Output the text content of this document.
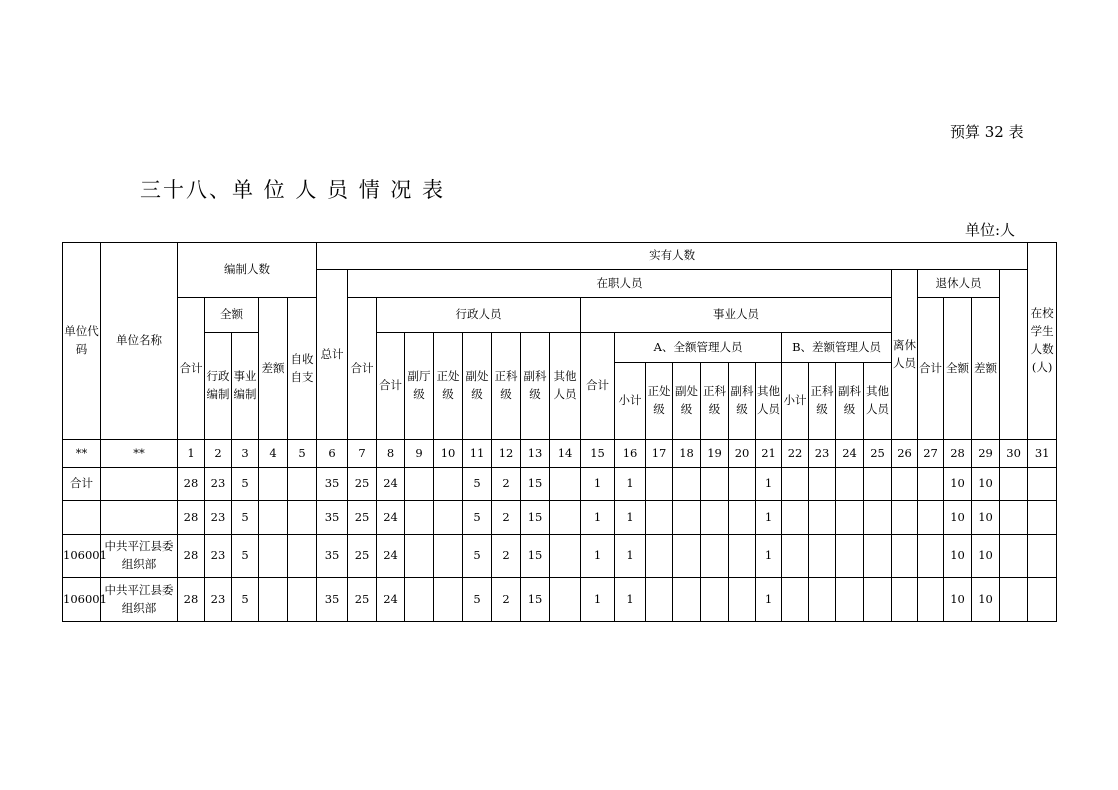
预算 32 表
三十八、单 位 人 员 情 况 表
单位:人
单位代码	单位名称	编制人数					实有人数																									在校学生人数(人)
							总计	在职人员																			离休人员	退休人员				
		合计	全额		差额	自收自支		合计	行政人员							事业人员												合计	全额	差额		
			行政编制	事业编制					合计	副厅级	正处级	副处级	正科级	副科级	其他人员	合计	A、全额管理人员						B、差额管理人员									
																	小计	正处级	副处级	正科级	副科级	其他人员	小计	正科级	副科级	其他人员						

**	**	1	2	3	4	5	6	7	8	9	10	11	12	13	14	15	16	17	18	19	20	21	22	23	24	25	26	27	28	29	30	31
合计		28	23	5			35	25	24			5	2	15		1	1					1							10	10		
		28	23	5			35	25	24			5	2	15		1	1					1							10	10		
106001	中共平江县委组织部	28	23	5			35	25	24			5	2	15		1	1					1							10	10		
106001	中共平江县委组织部	28	23	5			35	25	24			5	2	15		1	1					1							10	10		
